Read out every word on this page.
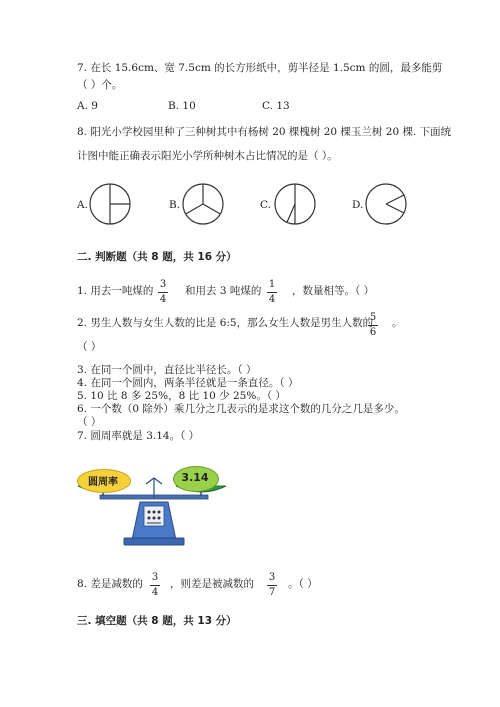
7. 在长 15.6cm、宽 7.5cm 的长方形纸中，剪半径是 1.5cm 的圆，最多能剪
（ ）个。
A. 9	B. 10	C. 13
8. 阳光小学校园里种了三种树其中有杨树 20 棵槐树 20 棵玉兰树 20 棵. 下面统
计图中能正确表示阳光小学所种树木占比情况的是（ ）。
A.	B.	C.	D.
二. 判断题（共 8 题，共 16 分）
1. 用去一吨煤的
3
4
和用去 3 吨煤的
1
4
，数量相等。（ ）
2. 男生人数与女生人数的比是 6:5，那么女生人数是男生人数的
5
6
。
（ ）
3. 在同一个圆中，直径比半径长。（ ）
4. 在同一个圆内，两条半径就是一条直径。（ ）
5. 10 比 8 多 25%，8 比 10 少 25%。（ ）
6. 一个数（0 除外）乘几分之几表示的是求这个数的几分之几是多少。
（ ）
7. 圆周率就是 3.14。（ ）
圆周率	3.14
8. 差是减数的
3
4
，则差是被减数的
3
7
。（ ）
三. 填空题（共 8 题，共 13 分）
